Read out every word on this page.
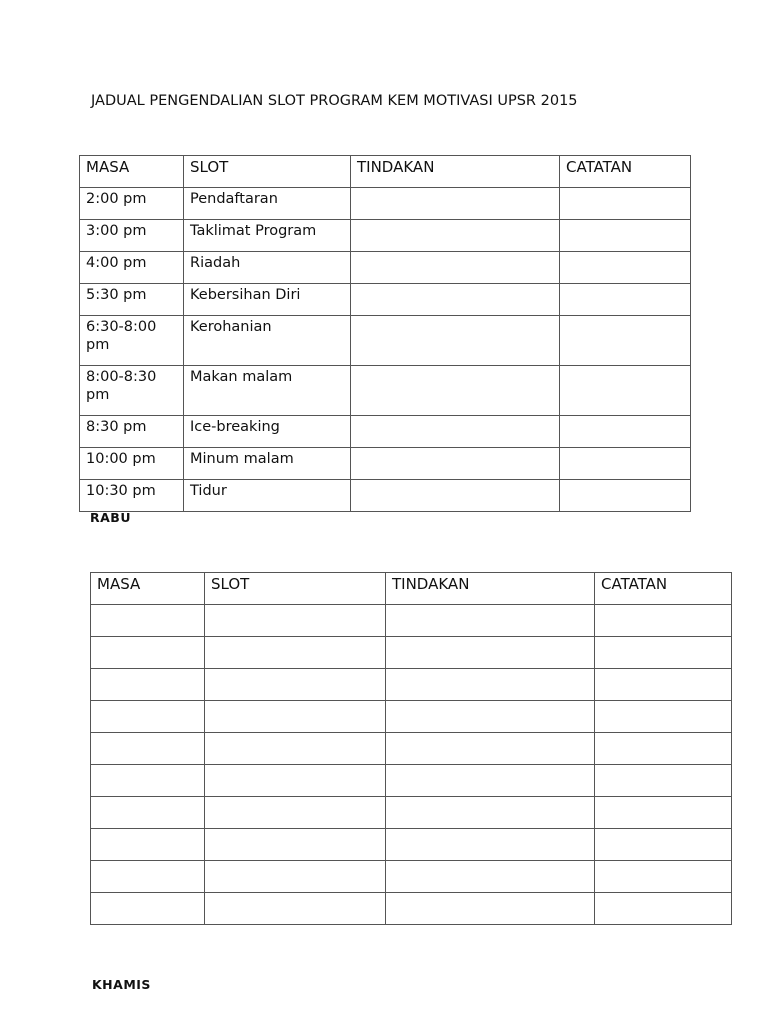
JADUAL PENGENDALIAN SLOT PROGRAM KEM MOTIVASI UPSR 2015
MASA	SLOT	TINDAKAN	CATATAN
2:00 pm	Pendaftaran		
3:00 pm	Taklimat Program		
4:00 pm	Riadah		
5:30 pm	Kebersihan Diri		
6:30-8:00 pm	Kerohanian		
8:00-8:30 pm	Makan malam		
8:30 pm	Ice-breaking		
10:00 pm	Minum malam		
10:30 pm	Tidur		
RABU
MASA	SLOT	TINDAKAN	CATATAN

KHAMIS
